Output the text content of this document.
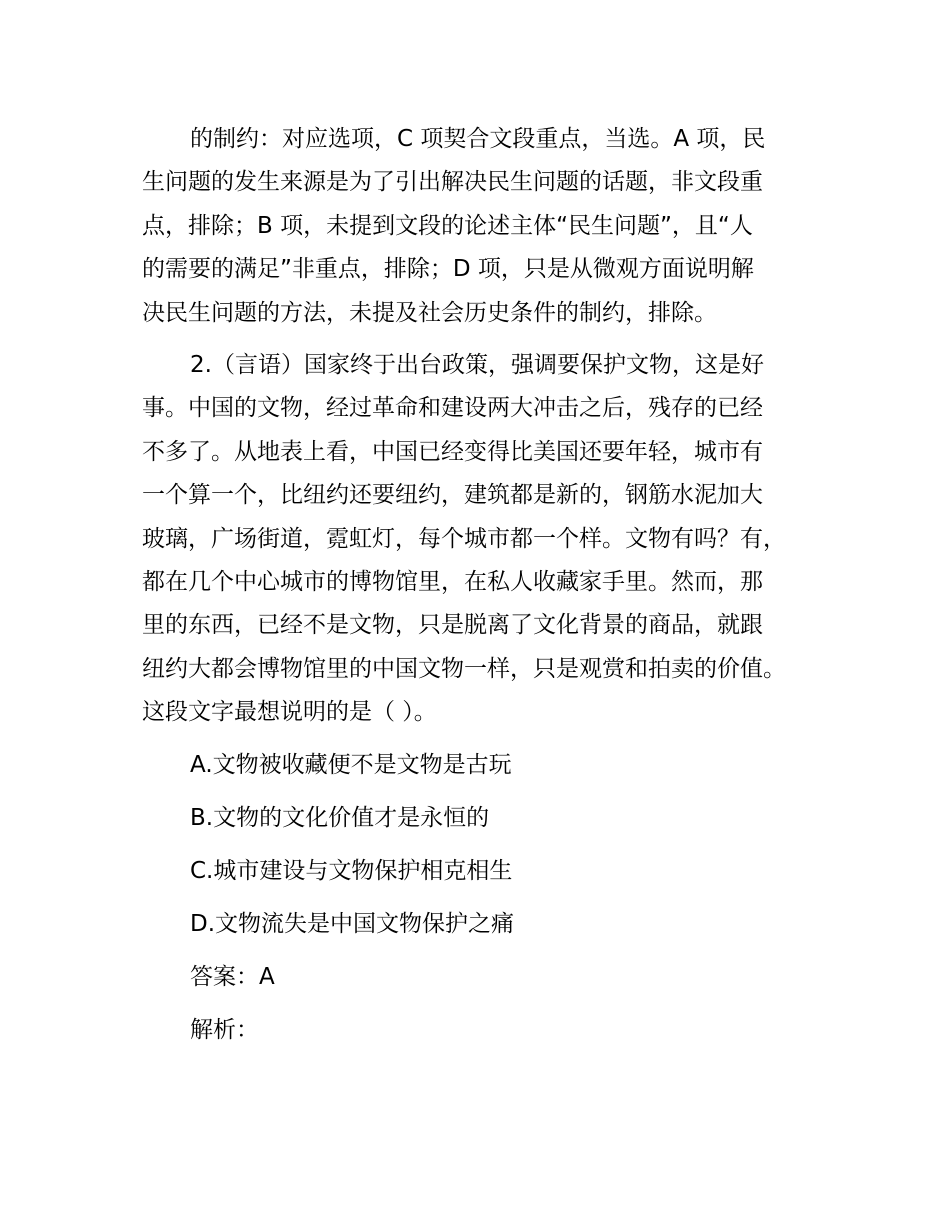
的制约：对应选项，C 项契合文段重点，当选。A 项，民
生问题的发生来源是为了引出解决民生问题的话题，非文段重
点，排除；B 项，未提到文段的论述主体“民生问题”，且“人
的需要的满足”非重点，排除；D 项，只是从微观方面说明解
决民生问题的方法，未提及社会历史条件的制约，排除。
2.（言语）国家终于出台政策，强调要保护文物，这是好
事。中国的文物，经过革命和建设两大冲击之后，残存的已经
不多了。从地表上看，中国已经变得比美国还要年轻，城市有
一个算一个，比纽约还要纽约，建筑都是新的，钢筋水泥加大
玻璃，广场街道，霓虹灯，每个城市都一个样。文物有吗？有，
都在几个中心城市的博物馆里，在私人收藏家手里。然而，那
里的东西，已经不是文物，只是脱离了文化背景的商品，就跟
纽约大都会博物馆里的中国文物一样，只是观赏和拍卖的价值。
这段文字最想说明的是（ ）。
A.文物被收藏便不是文物是古玩
B.文物的文化价值才是永恒的
C.城市建设与文物保护相克相生
D.文物流失是中国文物保护之痛
答案：A
解析：
